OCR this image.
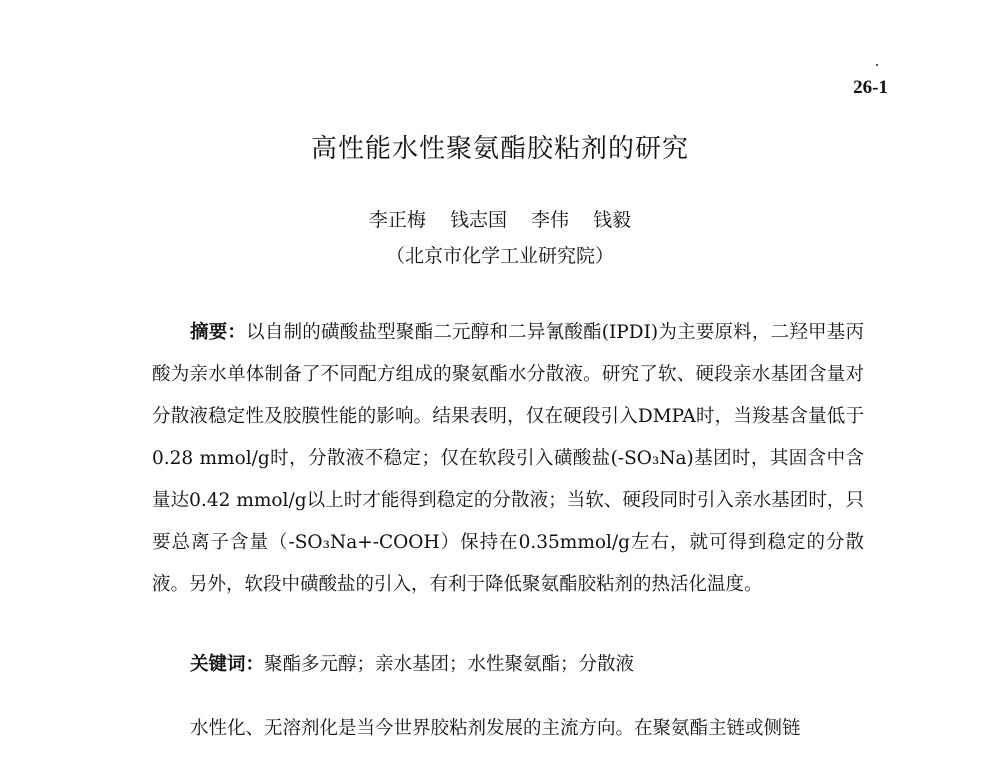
26-1
高性能水性聚氨酯胶粘剂的研究
李正梅 钱志国 李伟 钱毅
（北京市化学工业研究院）

摘要：以自制的磺酸盐型聚酯二元醇和二异氰酸酯(IPDI)为主要原料，二羟甲基丙酸为亲水单体制备了不同配方组成的聚氨酯水分散液。研究了软、硬段亲水基团含量对分散液稳定性及胶膜性能的影响。结果表明，仅在硬段引入DMPA时，当羧基含量低于0.28 mmol/g时，分散液不稳定；仅在软段引入磺酸盐(-SO₃Na)基团时，其固含中含量达0.42 mmol/g以上时才能得到稳定的分散液；当软、硬段同时引入亲水基团时，只要总离子含量（-SO₃Na+-COOH）保持在0.35mmol/g左右，就可得到稳定的分散液。另外，软段中磺酸盐的引入，有利于降低聚氨酯胶粘剂的热活化温度。

关键词：聚酯多元醇；亲水基团；水性聚氨酯；分散液

水性化、无溶剂化是当今世界胶粘剂发展的主流方向。在聚氨酯主链或侧链
